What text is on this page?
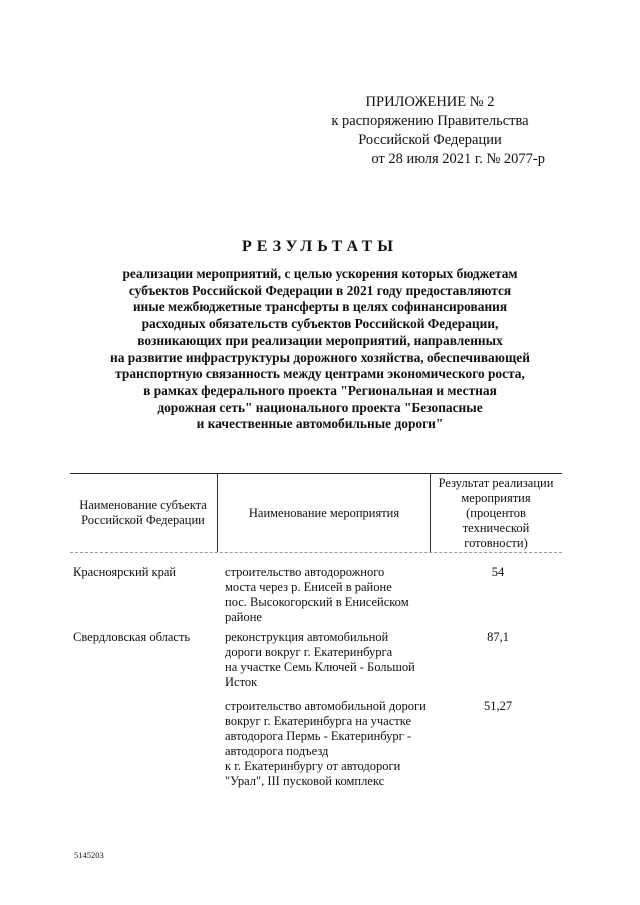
ПРИЛОЖЕНИЕ № 2
к распоряжению Правительства
Российской Федерации
от 28 июля 2021 г. № 2077-р
РЕЗУЛЬТАТЫ
реализации мероприятий, с целью ускорения которых бюджетам
субъектов Российской Федерации в 2021 году предоставляются
иные межбюджетные трансферты в целях софинансирования
расходных обязательств субъектов Российской Федерации,
возникающих при реализации мероприятий, направленных
на развитие инфраструктуры дорожного хозяйства, обеспечивающей
транспортную связанность между центрами экономического роста,
в рамках федерального проекта "Региональная и местная
дорожная сеть" национального проекта "Безопасные
и качественные автомобильные дороги"
Наименование субъекта
Российской Федерации
Наименование мероприятия
Результат реализации
мероприятия
(процентов
технической
готовности)
Красноярский край	строительство автодорожного
моста через р. Енисей в районе
пос. Высокогорский в Енисейском
районе
54
Свердловская область	реконструкция автомобильной
дороги вокруг г. Екатеринбурга
на участке Семь Ключей - Большой
Исток
87,1
строительство автомобильной дороги
вокруг г. Екатеринбурга на участке
автодорога Пермь - Екатеринбург -
автодорога подъезд
к г. Екатеринбургу от автодороги
"Урал", III пусковой комплекс
51,27
5145203
